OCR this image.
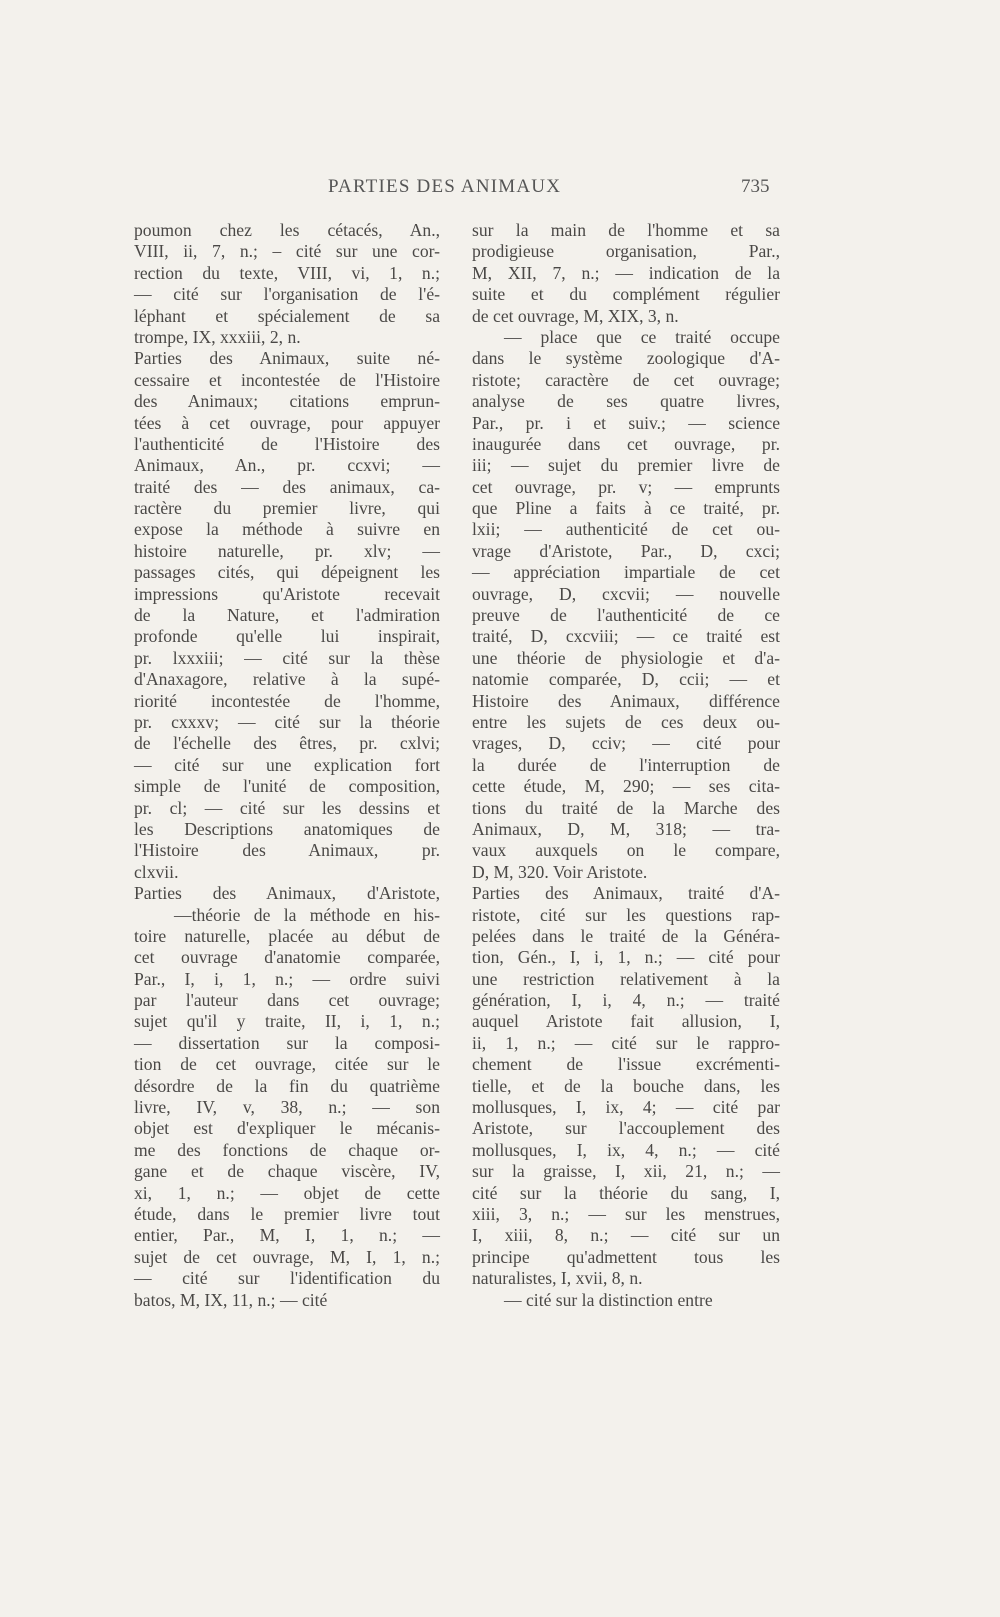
PARTIES DES ANIMAUX	735
poumon chez les cétacés, An.,
VIII, ii, 7, n.; – cité sur une cor-
rection du texte, VIII, vi, 1, n.;
— cité sur l'organisation de l'é-
léphant et spécialement de sa
trompe, IX, xxxiii, 2, n.
Parties des Animaux, suite né-
cessaire et incontestée de l'Histoire
des Animaux; citations emprun-
tées à cet ouvrage, pour appuyer
l'authenticité de l'Histoire des
Animaux, An., pr. ccxvi; —
traité des — des animaux, ca-
ractère du premier livre, qui
expose la méthode à suivre en
histoire naturelle, pr. xlv; —
passages cités, qui dépeignent les
impressions qu'Aristote recevait
de la Nature, et l'admiration
profonde qu'elle lui inspirait,
pr. lxxxiii; — cité sur la thèse
d'Anaxagore, relative à la supé-
riorité incontestée de l'homme,
pr. cxxxv; — cité sur la théorie
de l'échelle des êtres, pr. cxlvi;
— cité sur une explication fort
simple de l'unité de composition,
pr. cl; — cité sur les dessins et
les Descriptions anatomiques de
l'Histoire des Animaux, pr.
clxvii.
Parties des Animaux, d'Aristote,
—théorie de la méthode en his-
toire naturelle, placée au début de
cet ouvrage d'anatomie comparée,
Par., I, i, 1, n.; — ordre suivi
par l'auteur dans cet ouvrage;
sujet qu'il y traite, II, i, 1, n.;
— dissertation sur la composi-
tion de cet ouvrage, citée sur le
désordre de la fin du quatrième
livre, IV, v, 38, n.; — son
objet est d'expliquer le mécanis-
me des fonctions de chaque or-
gane et de chaque viscère, IV,
xi, 1, n.; — objet de cette
étude, dans le premier livre tout
entier, Par., M, I, 1, n.; —
sujet de cet ouvrage, M, I, 1, n.;
— cité sur l'identification du
batos, M, IX, 11, n.; — cité
sur la main de l'homme et sa
prodigieuse organisation, Par.,
M, XII, 7, n.; — indication de la
suite et du complément régulier
de cet ouvrage, M, XIX, 3, n.
— place que ce traité occupe
dans le système zoologique d'A-
ristote; caractère de cet ouvrage;
analyse de ses quatre livres,
Par., pr. i et suiv.; — science
inaugurée dans cet ouvrage, pr.
iii; — sujet du premier livre de
cet ouvrage, pr. v; — emprunts
que Pline a faits à ce traité, pr.
lxii; — authenticité de cet ou-
vrage d'Aristote, Par., D, cxci;
— appréciation impartiale de cet
ouvrage, D, cxcvii; — nouvelle
preuve de l'authenticité de ce
traité, D, cxcviii; — ce traité est
une théorie de physiologie et d'a-
natomie comparée, D, ccii; — et
Histoire des Animaux, différence
entre les sujets de ces deux ou-
vrages, D, cciv; — cité pour
la durée de l'interruption de
cette étude, M, 290; — ses cita-
tions du traité de la Marche des
Animaux, D, M, 318; — tra-
vaux auxquels on le compare,
D, M, 320. Voir Aristote.
Parties des Animaux, traité d'A-
ristote, cité sur les questions rap-
pelées dans le traité de la Généra-
tion, Gén., I, i, 1, n.; — cité pour
une restriction relativement à la
génération, I, i, 4, n.; — traité
auquel Aristote fait allusion, I,
ii, 1, n.; — cité sur le rappro-
chement de l'issue excrémenti-
tielle, et de la bouche dans, les
mollusques, I, ix, 4; — cité par
Aristote, sur l'accouplement des
mollusques, I, ix, 4, n.; — cité
sur la graisse, I, xii, 21, n.; —
cité sur la théorie du sang, I,
xiii, 3, n.; — sur les menstrues,
I, xiii, 8, n.; — cité sur un
principe qu'admettent tous les
naturalistes, I, xvii, 8, n.
— cité sur la distinction entre
